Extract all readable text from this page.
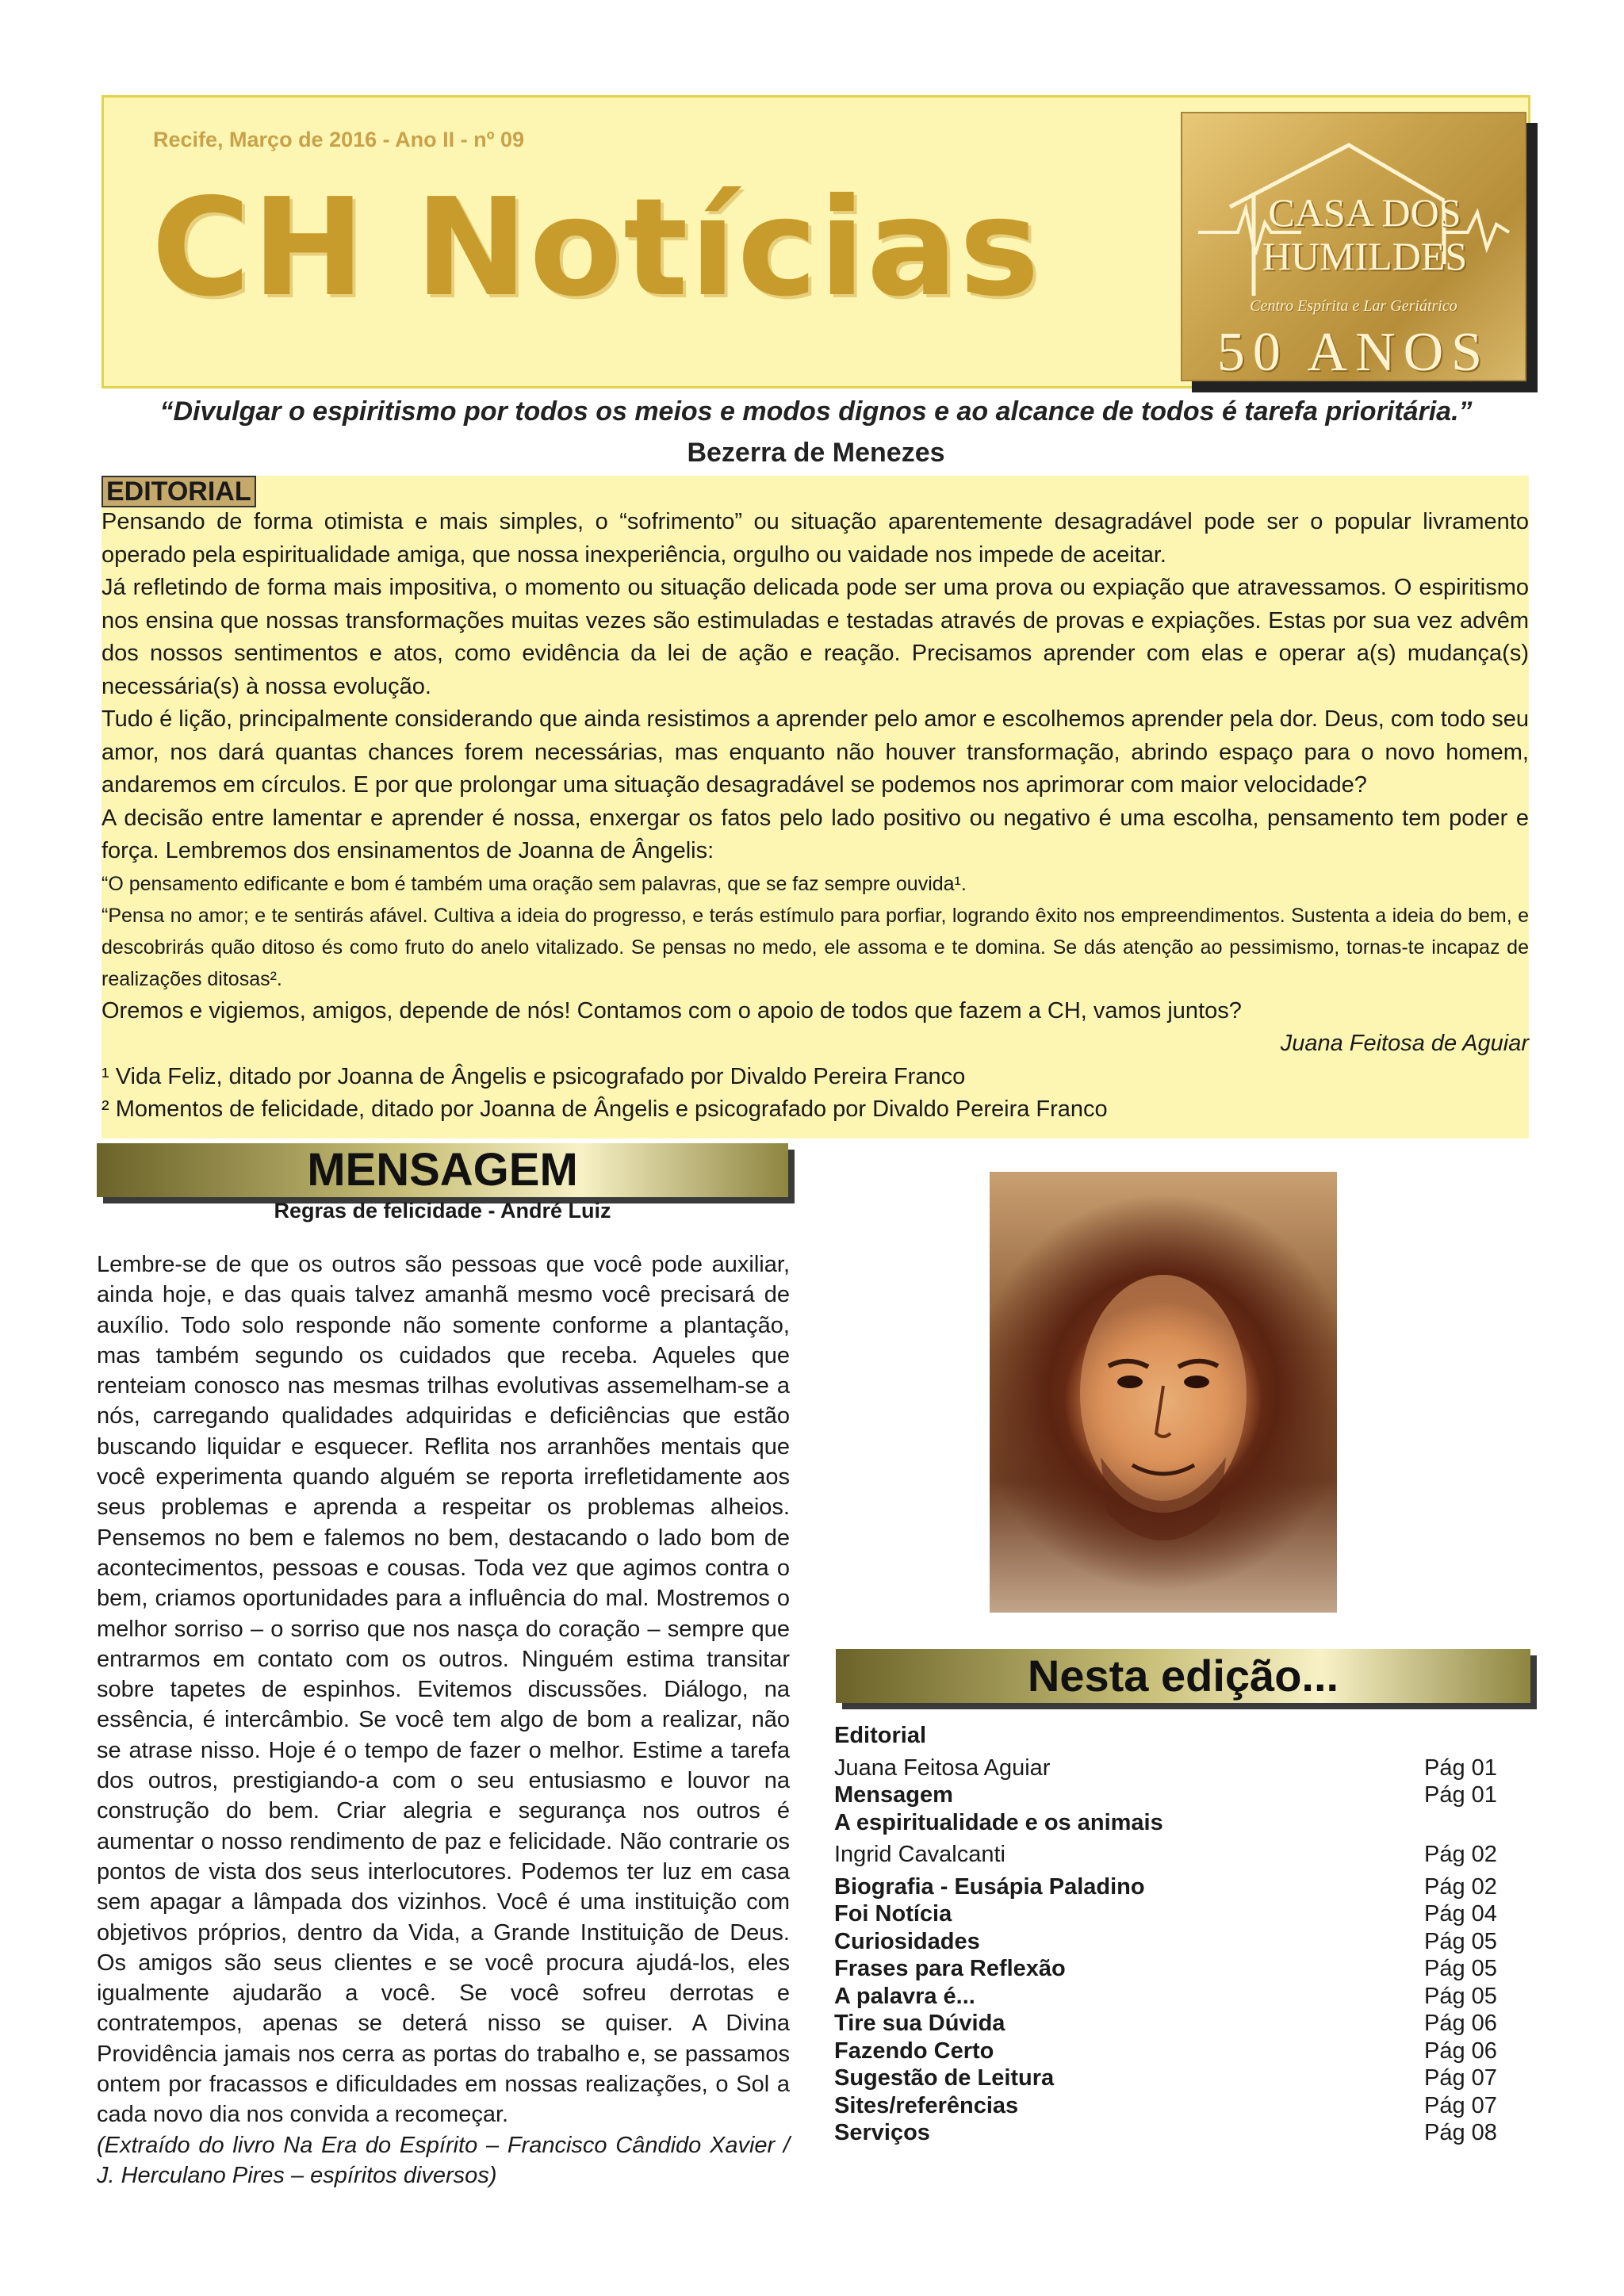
Recife, Março de 2016 - Ano II - nº 09
CH Notícias	CASA DOS
HUMILDES
Centro Espírita e Lar Geriátrico
50 ANOS
“Divulgar o espiritismo por todos os meios e modos dignos e ao alcance de todos é tarefa prioritária.”
Bezerra de Menezes
EDITORIAL

Pensando de forma otimista e mais simples, o “sofrimento” ou situação aparentemente desagradável pode ser o popular livramento operado pela espiritualidade amiga, que nossa inexperiência, orgulho ou vaidade nos impede de aceitar.

Já refletindo de forma mais impositiva, o momento ou situação delicada pode ser uma prova ou expiação que atravessamos. O espiritismo nos ensina que nossas transformações muitas vezes são estimuladas e testadas através de provas e expiações. Estas por sua vez advêm dos nossos sentimentos e atos, como evidência da lei de ação e reação. Precisamos aprender com elas e operar a(s) mudança(s) necessária(s) à nossa evolução.

Tudo é lição, principalmente considerando que ainda resistimos a aprender pelo amor e escolhemos aprender pela dor. Deus, com todo seu amor, nos dará quantas chances forem necessárias, mas enquanto não houver transformação, abrindo espaço para o novo homem, andaremos em círculos. E por que prolongar uma situação desagradável se podemos nos aprimorar com maior velocidade?

A decisão entre lamentar e aprender é nossa, enxergar os fatos pelo lado positivo ou negativo é uma escolha, pensamento tem poder e força. Lembremos dos ensinamentos de Joanna de Ângelis:

“O pensamento edificante e bom é também uma oração sem palavras, que se faz sempre ouvida¹.

“Pensa no amor; e te sentirás afável. Cultiva a ideia do progresso, e terás estímulo para porfiar, logrando êxito nos empreendimentos. Sustenta a ideia do bem, e descobrirás quão ditoso és como fruto do anelo vitalizado. Se pensas no medo, ele assoma e te domina. Se dás atenção ao pessimismo, tornas-te incapaz de realizações ditosas².

Oremos e vigiemos, amigos, depende de nós! Contamos com o apoio de todos que fazem a CH, vamos juntos?

Juana Feitosa de Aguiar

¹ Vida Feliz, ditado por Joanna de Ângelis e psicografado por Divaldo Pereira Franco

² Momentos de felicidade, ditado por Joanna de Ângelis e psicografado por Divaldo Pereira Franco

MENSAGEM
Regras de felicidade - André Luiz

Lembre-se de que os outros são pessoas que você pode auxiliar, ainda hoje, e das quais talvez amanhã mesmo você precisará de auxílio. Todo solo responde não somente conforme a plantação, mas também segundo os cuidados que receba. Aqueles que renteiam conosco nas mesmas trilhas evolutivas assemelham-se a nós, carregando qualidades adquiridas e deficiências que estão buscando liquidar e esquecer. Reflita nos arranhões mentais que você experimenta quando alguém se reporta irrefletidamente aos seus problemas e aprenda a respeitar os problemas alheios. Pensemos no bem e falemos no bem, destacando o lado bom de acontecimentos, pessoas e cousas. Toda vez que agimos contra o bem, criamos oportunidades para a influência do mal. Mostremos o melhor sorriso – o sorriso que nos nasça do coração – sempre que entrarmos em contato com os outros. Ninguém estima transitar sobre tapetes de espinhos. Evitemos discussões. Diálogo, na essência, é intercâmbio. Se você tem algo de bom a realizar, não se atrase nisso. Hoje é o tempo de fazer o melhor. Estime a tarefa dos outros, prestigiando-a com o seu entusiasmo e louvor na construção do bem. Criar alegria e segurança nos outros é aumentar o nosso rendimento de paz e felicidade. Não contrarie os pontos de vista dos seus interlocutores. Podemos ter luz em casa sem apagar a lâmpada dos vizinhos. Você é uma instituição com objetivos próprios, dentro da Vida, a Grande Instituição de Deus. Os amigos são seus clientes e se você procura ajudá-los, eles igualmente ajudarão a você. Se você sofreu derrotas e contratempos, apenas se deterá nisso se quiser. A Divina Providência jamais nos cerra as portas do trabalho e, se passamos ontem por fracassos e dificuldades em nossas realizações, o Sol a cada novo dia nos convida a recomeçar.

(Extraído do livro Na Era do Espírito – Francisco Cândido Xavier / J. Herculano Pires – espíritos diversos)

Nesta edição...
Editorial
Juana Feitosa Aguiar	Pág 01
Mensagem	Pág 01
A espiritualidade e os animais
Ingrid Cavalcanti	Pág 02
Biografia - Eusápia Paladino	Pág 02
Foi Notícia	Pág 04
Curiosidades	Pág 05
Frases para Reflexão	Pág 05
A palavra é...	Pág 05
Tire sua Dúvida	Pág 06
Fazendo Certo	Pág 06
Sugestão de Leitura	Pág 07
Sites/referências	Pág 07
Serviços	Pág 08
